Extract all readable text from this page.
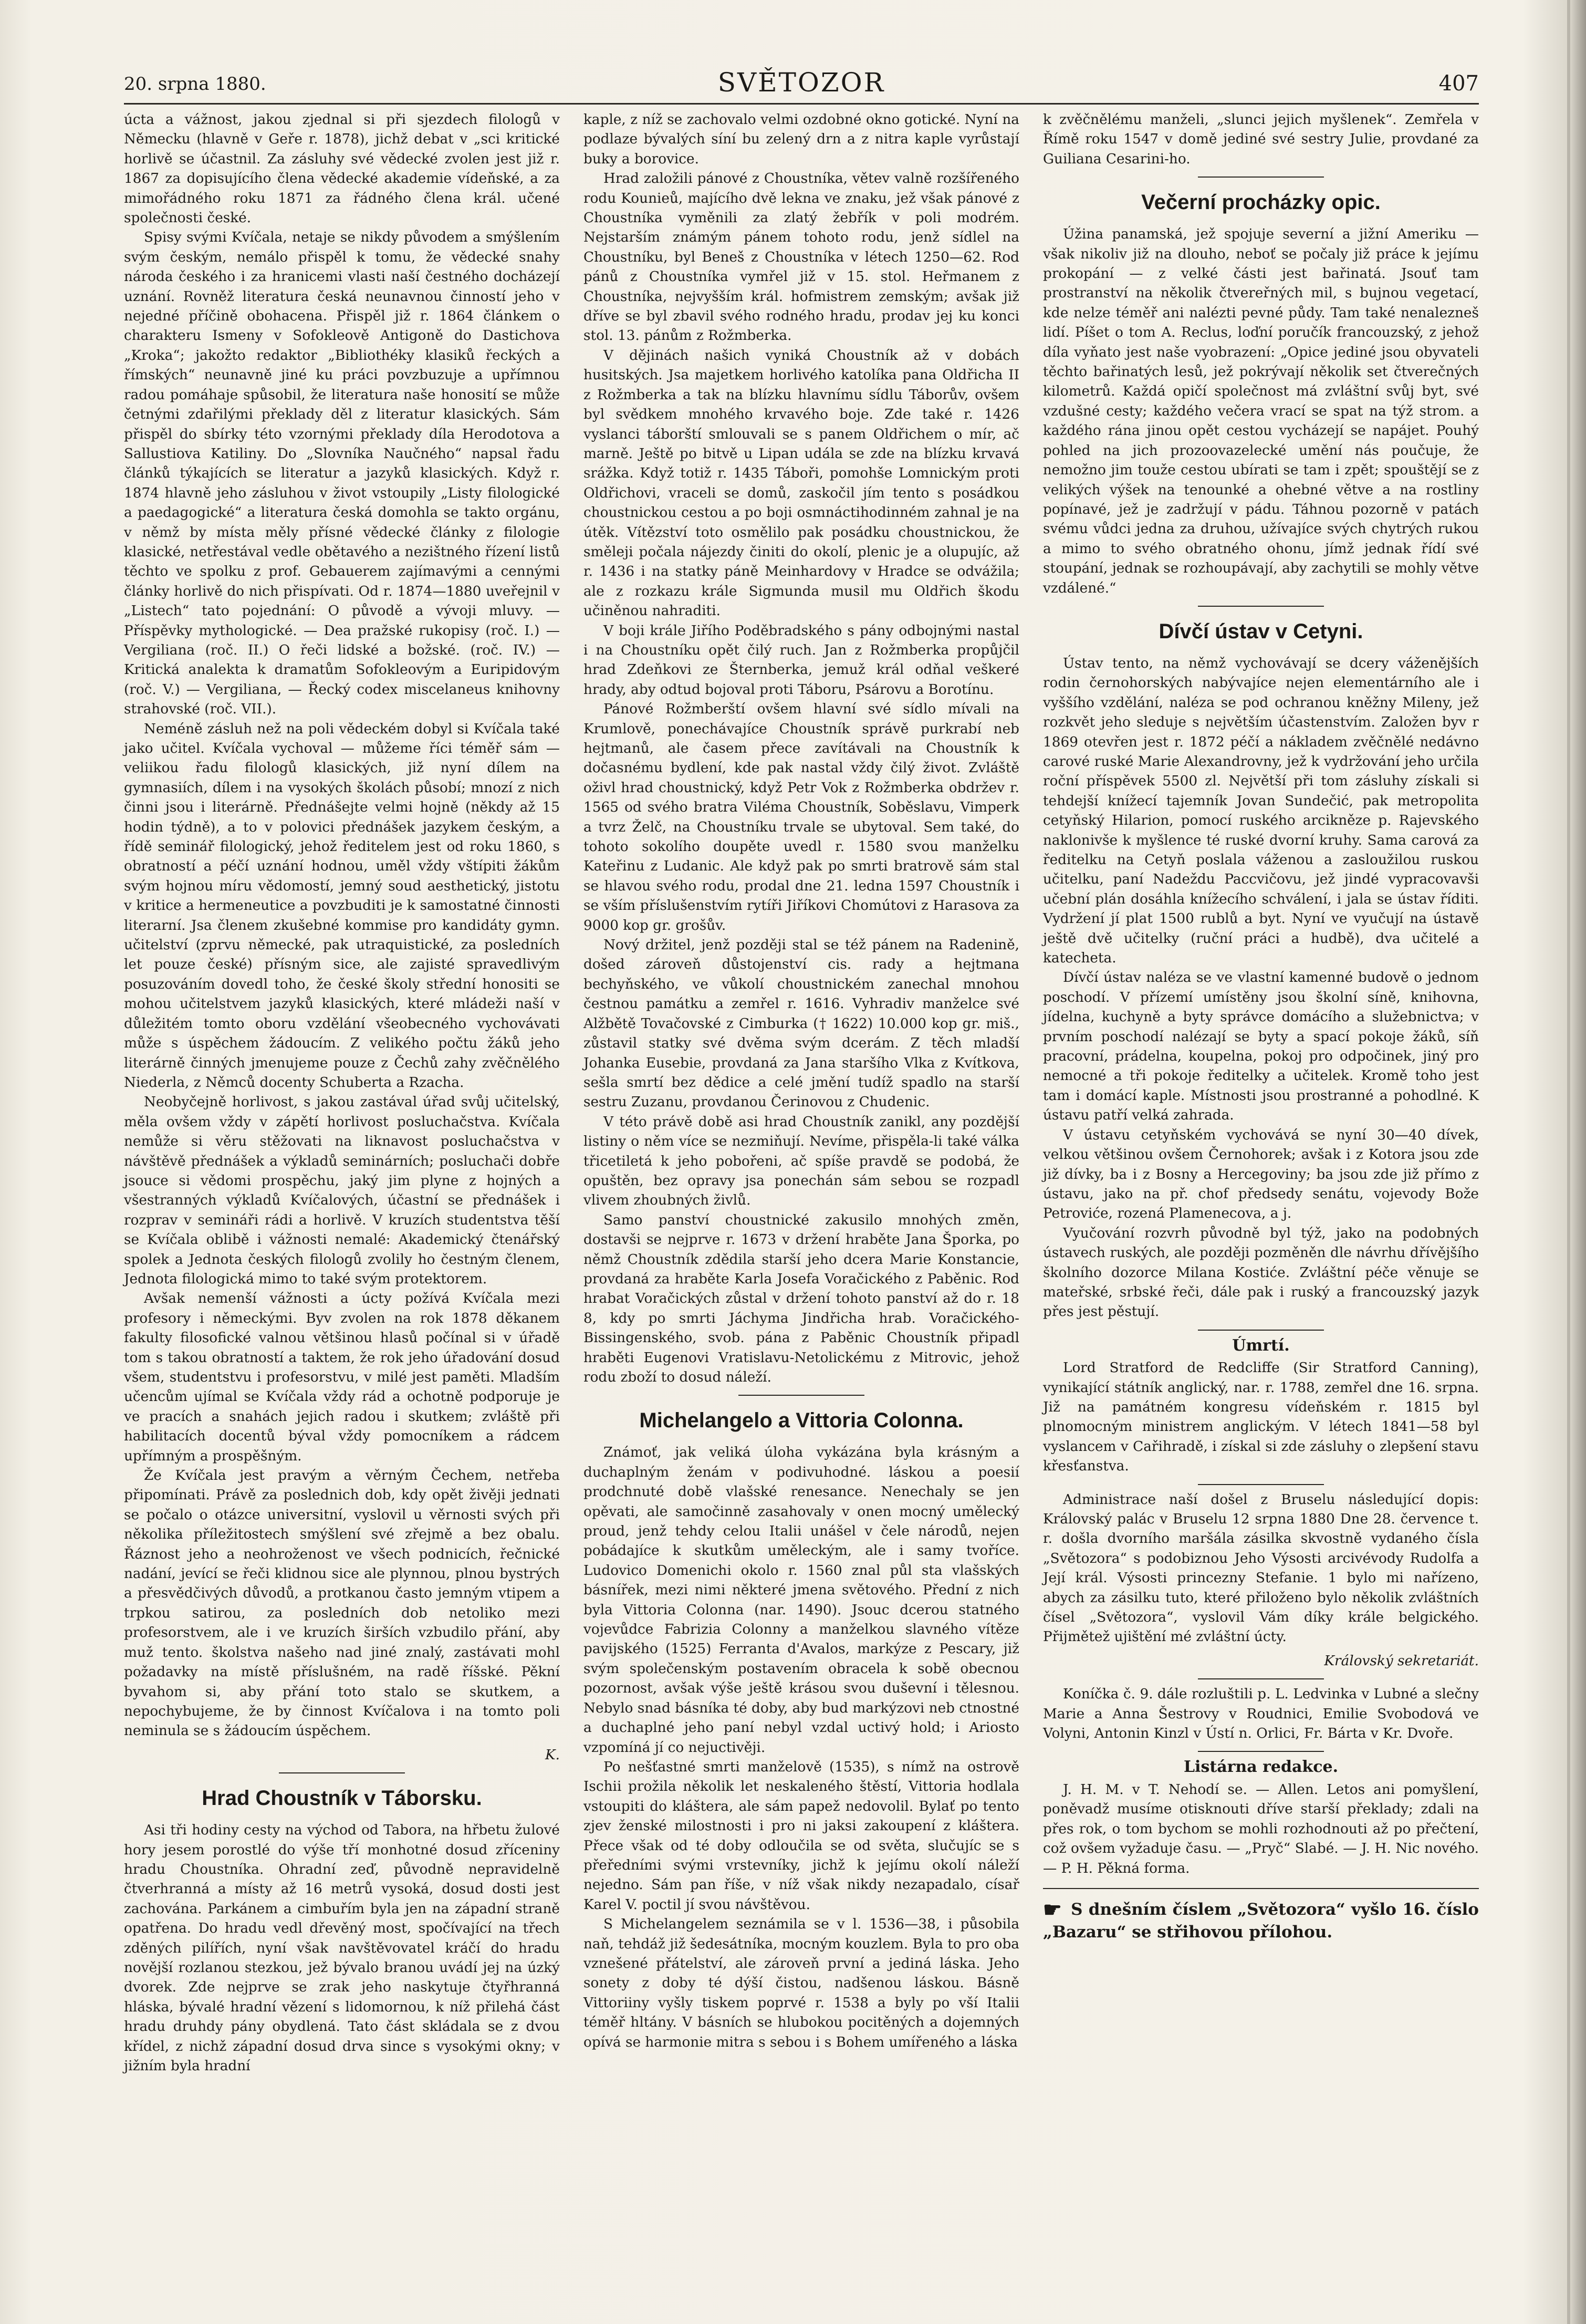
20. srpna 1880.	SVĚTOZOR	407

úcta a vážnost, jakou zjednal si při sjezdech filologů v Německu (hlavně v Geře r. 1878), jichž debat v „sci kritické horlivě se účastnil. Za zásluhy své vědecké zvolen jest již r. 1867 za dopisujícího člena vědecké akademie vídeňské, a za mimořádného roku 1871 za řádného člena král. učené společnosti české.

Spisy svými Kvíčala, netaje se nikdy původem a smýšlením svým českým, nemálo přispěl k tomu, že vědecké snahy národa českého i za hranicemi vlasti naší čestného docházejí uznání. Rovněž literatura česká neunavnou činností jeho v nejedné příčině obohacena. Přispěl již r. 1864 článkem o charakteru Ismeny v Sofokleově Antigoně do Dastichova „Kroka“; jakožto redaktor „Bibliothéky klasiků řeckých a římských“ neunavně jiné ku práci povzbuzuje a upřímnou radou pomáhaje spůsobil, že literatura naše honosití se může četnými zdařilými překlady děl z literatur klasických. Sám přispěl do sbírky této vzornými překlady díla Herodotova a Sallustiova Katiliny. Do „Slovníka Naučného“ napsal řadu článků týkajících se literatur a jazyků klasických. Když r. 1874 hlavně jeho zásluhou v život vstoupily „Listy filologické a paedagogické“ a literatura česká domohla se takto orgánu, v němž by místa měly přísné vědecké články z filologie klasické, netřestával vedle obětavého a nezištného řízení listů těchto ve spolku z prof. Gebauerem zajímavými a cennými články horlivě do nich přispívati. Od r. 1874—1880 uveřejnil v „Listech“ tato pojednání: O původě a vývoji mluvy. — Příspěvky mythologické. — Dea pražské rukopisy (roč. I.) — Vergiliana (roč. II.) O řeči lidské a božské. (roč. IV.) — Kritická analekta k dramatům Sofokleovým a Euripidovým (roč. V.) — Vergiliana, — Řecký codex miscelaneus knihovny strahovské (roč. VII.).

Neméně zásluh než na poli vědeckém dobyl si Kvíčala také jako učitel. Kvíčala vychoval — můžeme říci téměř sám — veliikou řadu filologů klasických, již nyní dílem na gymnasiích, dílem i na vysokých školách působí; mnozí z nich činni jsou i literárně. Přednášejte velmi hojně (někdy až 15 hodin týdně), a to v polovici přednášek jazykem českým, a řídě seminář filologický, jehož ředitelem jest od roku 1860, s obratností a péčí uznání hodnou, uměl vždy vštípiti žákům svým hojnou míru vědomostí, jemný soud aesthetický, jistotu v kritice a hermeneutice a povzbuditi je k samostatné činnosti literarní. Jsa členem zkušebné kommise pro kandidáty gymn. učitelství (zprvu německé, pak utraquistické, za posledních let pouze české) přísným sice, ale zajisté spravedlivým posuzováním dovedl toho, že české školy střední honositi se mohou učitelstvem jazyků klasických, které mládeži naší v důležitém tomto oboru vzdělání všeobecného vychovávati může s úspěchem žádoucím. Z velikého počtu žáků jeho literárně činných jmenujeme pouze z Čechů zahy zvěčnělého Niederla, z Němců docenty Schuberta a Rzacha.

Neobyčejně horlivost, s jakou zastával úřad svůj učitelský, měla ovšem vždy v zápětí horlivost posluchačstva. Kvíčala nemůže si věru stěžovati na liknavost posluchačstva v návštěvě přednášek a výkladů seminárních; posluchači dobře jsouce si vědomi prospěchu, jaký jim plyne z hojných a všestranných výkladů Kvíčalových, účastní se přednášek i rozprav v semináři rádi a horlivě. V kruzích studentstva těší se Kvíčala oblibě i vážnosti nemalé: Akademický čtenářský spolek a Jednota českých filologů zvolily ho čestným členem, Jednota filologická mimo to také svým protektorem.

Avšak nemenší vážnosti a úcty požívá Kvíčala mezi profesory i německými. Byv zvolen na rok 1878 děkanem fakulty filosofické valnou většinou hlasů počínal si v úřadě tom s takou obratností a taktem, že rok jeho úřadování dosud všem, studentstvu i profesorstvu, v milé jest paměti. Mladším učencům ujímal se Kvíčala vždy rád a ochotně podporuje je ve pracích a snahách jejich radou i skutkem; zvláště při habilitacích docentů býval vždy pomocníkem a rádcem upřímným a prospěšným.

Že Kvíčala jest pravým a věrným Čechem, netřeba připomínati. Právě za poslednich dob, kdy opět živěji jednati se počalo o otázce universitní, vyslovil u věrnosti svých při několika příležitostech smýšlení své zřejmě a bez obalu. Řáznost jeho a neohroženost ve všech podnicích, řečnické nadání, jevící se řeči klidnou sice ale plynnou, plnou bystrých a přesvědčivých důvodů, a protkanou často jemným vtipem a trpkou satirou, za posledních dob netoliko mezi profesorstvem, ale i ve kruzích širších vzbudilo přání, aby muž tento. školstva našeho nad jiné znalý, zastávati mohl požadavky na místě příslušném, na radě říšské. Pěkní byvahom si, aby přání toto stalo se skutkem, a nepochybujeme, že by činnost Kvíčalova i na tomto poli neminula se s žádoucím úspěchem.

K.

Hrad Choustník v Táborsku.

Asi tři hodiny cesty na východ od Tabora, na hřbetu žulové hory jesem porostlé do výše tří monhotné dosud zříceniny hradu Choustníka. Ohradní zeď, původně nepravidelně čtverhranná a místy až 16 metrů vysoká, dosud dosti jest zachována. Parkánem a cimbuřím byla jen na západní straně opatřena. Do hradu vedl dřevěný most, spočívající na třech zděných pilířích, nyní však navštěvovatel kráčí do hradu novější rozlanou stezkou, jež bývalo branou uvádí jej na úzký dvorek. Zde nejprve se zrak jeho naskytuje čtyřhranná hláska, bývalé hradní vězení s lidomornou, k níž přilehá část hradu druhdy pány obydlená. Tato část skládala se z dvou křídel, z nichž západní dosud drva since s vysokými okny; v jižním byla hradní

kaple, z níž se zachovalo velmi ozdobné okno gotické. Nyní na podlaze bývalých síní bu zelený drn a z nitra kaple vyrůstají buky a borovice.

Hrad založili pánové z Choustníka, větev valně rozšířeného rodu Kounieů, majícího dvě lekna ve znaku, jež však pánové z Choustníka vyměnili za zlatý žebřík v poli modrém. Nejstarším známým pánem tohoto rodu, jenž sídlel na Choustníku, byl Beneš z Choustníka v létech 1250—62. Rod pánů z Choustníka vymřel již v 15. stol. Heřmanem z Choustníka, nejvyšším král. hofmistrem zemským; avšak již dříve se byl zbavil svého rodného hradu, prodav jej ku konci stol. 13. pánům z Rožmberka.

V dějinách našich vyniká Choustník až v dobách husitských. Jsa majetkem horlivého katolíka pana Oldřicha II z Rožmberka a tak na blízku hlavnímu sídlu Táborův, ovšem byl svědkem mnohého krvavého boje. Zde také r. 1426 vyslanci táborští smlouvali se s panem Oldřichem o mír, ač marně. Ještě po bitvě u Lipan udála se zde na blízku krvavá srážka. Když totiž r. 1435 Táboři, pomohše Lomnickým proti Oldřichovi, vraceli se domů, zaskočil jím tento s posádkou choustnickou cestou a po boji osmnáctihodinném zahnal je na útěk. Vítězství toto osmělilo pak posádku choustnickou, že směleji počala nájezdy činiti do okolí, plenic je a olupujíc, až r. 1436 i na statky páně Meinhardovy v Hradce se odvážila; ale z rozkazu krále Sigmunda musil mu Oldřich škodu učiněnou nahraditi.

V boji krále Jiřího Poděbradského s pány odbojnými nastal i na Choustníku opět čilý ruch. Jan z Rožmberka propůjčil hrad Zdeňkovi ze Šternberka, jemuž král odňal veškeré hrady, aby odtud bojoval proti Táboru, Psárovu a Borotínu.

Pánové Rožmberští ovšem hlavní své sídlo mívali na Krumlově, ponechávajíce Choustník správě purkrabí neb hejtmanů, ale časem přece zavítávali na Choustník k dočasnému bydlení, kde pak nastal vždy čilý život. Zvláště oživl hrad choustnický, když Petr Vok z Rožmberka obdržev r. 1565 od svého bratra Viléma Choustník, Soběslavu, Vimperk a tvrz Želč, na Choustníku trvale se ubytoval. Sem také, do tohoto sokolího doupěte uvedl r. 1580 svou manželku Kateřinu z Ludanic. Ale když pak po smrti bratrově sám stal se hlavou svého rodu, prodal dne 21. ledna 1597 Choustník i se vším příslušenstvím rytíři Jiříkovi Chomútovi z Harasova za 9000 kop gr. grošův.

Nový držitel, jenž později stal se též pánem na Radenině, došed zároveň důstojenství cis. rady a hejtmana bechyňského, ve vůkolí choustnickém zanechal mnohou čestnou památku a zemřel r. 1616. Vyhradiv manželce své Alžbětě Tovačovské z Cimburka († 1622) 10.000 kop gr. miš., zůstavil statky své dvěma svým dcerám. Z těch mladší Johanka Eusebie, provdaná za Jana staršího Vlka z Kvítkova, sešla smrtí bez dědice a celé jmění tudíž spadlo na starší sestru Zuzanu, provdanou Čerinovou z Chudenic.

V této právě době asi hrad Choustník zanikl, any pozdější listiny o něm více se nezmiňují. Nevíme, přispěla-li také válka třicetiletá k jeho pobořeni, ač spíše pravdě se podobá, že opuštěn, bez opravy jsa ponechán sám sebou se rozpadl vlivem zhoubných živlů.

Samo panství choustnické zakusilo mnohých změn, dostavši se nejprve r. 1673 v držení hraběte Jana Šporka, po němž Choustník zdědila starší jeho dcera Marie Konstancie, provdaná za hraběte Karla Josefa Voračického z Paběnic. Rod hrabat Voračických zůstal v držení tohoto panství až do r. 18 8, kdy po smrti Jáchyma Jindřicha hrab. Voračického-Bissingenského, svob. pána z Paběnic Choustník připadl hraběti Eugenovi Vratislavu-Netolickému z Mitrovic, jehož rodu zboží to dosud náleží.

Michelangelo a Vittoria Colonna.

Známoť, jak veliká úloha vykázána byla krásným a duchaplným ženám v podivuhodné. láskou a poesií prodchnuté době vlašské renesance. Nenechaly se jen opěvati, ale samočinně zasahovaly v onen mocný umělecký proud, jenž tehdy celou Italii unášel v čele národů, nejen pobádajíce k skutkům uměleckým, ale i samy tvoříce. Ludovico Domenichi okolo r. 1560 znal půl sta vlašských básnířek, mezi nimi některé jmena světového. Přední z nich byla Vittoria Colonna (nar. 1490). Jsouc dcerou statného vojevůdce Fabrizia Colonny a manželkou slavného vítěze pavijského (1525) Ferranta d'Avalos, markýze z Pescary, již svým společenským postavením obracela k sobě obecnou pozornost, avšak výše ještě krásou svou duševní i tělesnou. Nebylo snad básníka té doby, aby bud markýzovi neb ctnostné a duchaplné jeho paní nebyl vzdal uctivý hold; i Ariosto vzpomíná jí co nejuctivěji.

Po nešťastné smrti manželově (1535), s nímž na ostrově Ischii prožila několik let neskaleného štěstí, Vittoria hodlala vstoupiti do kláštera, ale sám papež nedovolil. Bylať po tento zjev ženské milostnosti i pro ni jaksi zakoupení z kláštera. Přece však od té doby odloučila se od světa, slučujíc se s přeředními svými vrstevníky, jichž k jejímu okolí náleží nejedno. Sám pan říše, v níž však nikdy nezapadalo, císař Karel V. poctil jí svou návštěvou.

S Michelangelem seznámila se v l. 1536—38, i působila naň, tehdáž již šedesátníka, mocným kouzlem. Byla to pro oba vznešené přátelství, ale zároveň první a jediná láska. Jeho sonety z doby té dýší čistou, nadšenou láskou. Básně Vittoriiny vyšly tiskem poprvé r. 1538 a byly po vší Italii téměř hltány. V básních se hlubokou pocitěných a dojemných opívá se harmonie mitra s sebou i s Bohem umířeného a láska

k zvěčnělému manželi, „slunci jejich myšlenek“. Zemřela v Římě roku 1547 v domě jediné své sestry Julie, provdané za Guiliana Cesarini-ho.

Večerní procházky opic.

Úžina panamská, jež spojuje severní a jižní Ameriku — však nikoliv již na dlouho, neboť se počaly již práce k jejímu prokopání — z velké části jest bařinatá. Jsouť tam prostranství na několik čtvereřných mil, s bujnou vegetací, kde nelze téměř ani nalézti pevné půdy. Tam také nenalezneš lidí. Píšet o tom A. Reclus, loďní poručík francouzský, z jehož díla vyňato jest naše vyobrazení: „Opice jediné jsou obyvateli těchto bařinatých lesů, jež pokrývají několik set čtverečných kilometrů. Každá opičí společnost má zvláštní svůj byt, své vzdušné cesty; každého večera vrací se spat na týž strom. a každého rána jinou opět cestou vycházejí se napájet. Pouhý pohled na jich prozoovazelecké umění nás poučuje, že nemožno jim touže cestou ubírati se tam i zpět; spouštějí se z velikých výšek na tenounké a ohebné větve a na rostliny popínavé, jež je zadržují v pádu. Táhnou pozorně v patách svému vůdci jedna za druhou, užívajíce svých chytrých rukou a mimo to svého obratného ohonu, jímž jednak řídí své stoupání, jednak se rozhoupávají, aby zachytili se mohly větve vzdálené.“

Dívčí ústav v Cetyni.

Ústav tento, na němž vychovávají se dcery váženějších rodin černohorských nabývajíce nejen elementárního ale i vyššího vzdělání, naléza se pod ochranou kněžny Mileny, jež rozkvět jeho sleduje s největším účastenstvím. Založen byv r 1869 otevřen jest r. 1872 péčí a nákladem zvěčnělé nedávno carové ruské Marie Alexandrovny, jež k vydržování jeho určila roční příspěvek 5500 zl. Největší při tom zásluhy získali si tehdejší knížecí tajemník Jovan Sundečić, pak metropolita cetyňský Hilarion, pomocí ruského arcikněze p. Rajevského naklonivše k myšlence té ruské dvorní kruhy. Sama carová za ředitelku na Cetyň poslala váženou a zasloužilou ruskou učitelku, paní Nadeždu Paccvičovu, jež jindé vypracovavši učební plán dosáhla knížecího schválení, i jala se ústav říditi. Vydržení jí plat 1500 rublů a byt. Nyní ve vyučují na ústavě ještě dvě učitelky (ruční práci a hudbě), dva učitelé a katecheta.

Dívčí ústav naléza se ve vlastní kamenné budově o jednom poschodí. V přízemí umístěny jsou školní síně, knihovna, jídelna, kuchyně a byty správce domácího a služebnictva; v prvním poschodí nalézají se byty a spací pokoje žáků, síň pracovní, prádelna, koupelna, pokoj pro odpočinek, jiný pro nemocné a tři pokoje ředitelky a učitelek. Kromě toho jest tam i domácí kaple. Místnosti jsou prostranné a pohodlné. K ústavu patří velká zahrada.

V ústavu cetyňském vychovává se nyní 30—40 dívek, velkou většinou ovšem Černohorek; avšak i z Kotora jsou zde již dívky, ba i z Bosny a Hercegoviny; ba jsou zde již přímo z ústavu, jako na př. chof předsedy senátu, vojevody Bože Petroviće, rozená Plamenecova, a j.

Vyučování rozvrh původně byl týž, jako na podobných ústavech ruských, ale později pozměněn dle návrhu dřívějšího školního dozorce Milana Kostiće. Zvláštní péče věnuje se mateřské, srbské řeči, dále pak i ruský a francouzský jazyk přes jest pěstují.

Úmrtí.

Lord Stratford de Redcliffe (Sir Stratford Canning), vynikající státník anglický, nar. r. 1788, zemřel dne 16. srpna. Již na památném kongresu vídeňském r. 1815 byl plnomocným ministrem anglickým. V létech 1841—58 byl vyslancem v Cařihradě, i získal si zde zásluhy o zlepšení stavu křesťanstva.

Administrace naší došel z Bruselu následující dopis: Královský palác v Bruselu 12 srpna 1880 Dne 28. července t. r. došla dvorního maršála zásilka skvostně vydaného čísla „Světozora“ s podobiznou Jeho Výsosti arcivévody Rudolfa a Její král. Výsosti princezny Stefanie. 1 bylo mi nařízeno, abych za zásilku tuto, které přiloženo bylo několik zvláštních čísel „Světozora“, vyslovil Vám díky krále belgického. Přijmětež ujištění mé zvláštní úcty.

Královský sekretariát.

Koníčka č. 9. dále rozluštili p. L. Ledvinka v Lubné a slečny Marie a Anna Šestrovy v Roudnici, Emilie Svobodová ve Volyni, Antonin Kinzl v Ústí n. Orlici, Fr. Bárta v Kr. Dvoře.

Listárna redakce.

J. H. M. v T. Nehodí se. — Allen. Letos ani pomyšlení, poněvadž musíme otisknouti dříve starší překlady; zdali na přes rok, o tom bychom se mohli rozhodnouti až po přečtení, což ovšem vyžaduje času. — „Pryč“ Slabé. — J. H. Nic nového. — P. H. Pěkná forma.

☛ S dnešním číslem „Světozora“ vyšlo 16. číslo „Bazaru“ se střihovou přílohou.
